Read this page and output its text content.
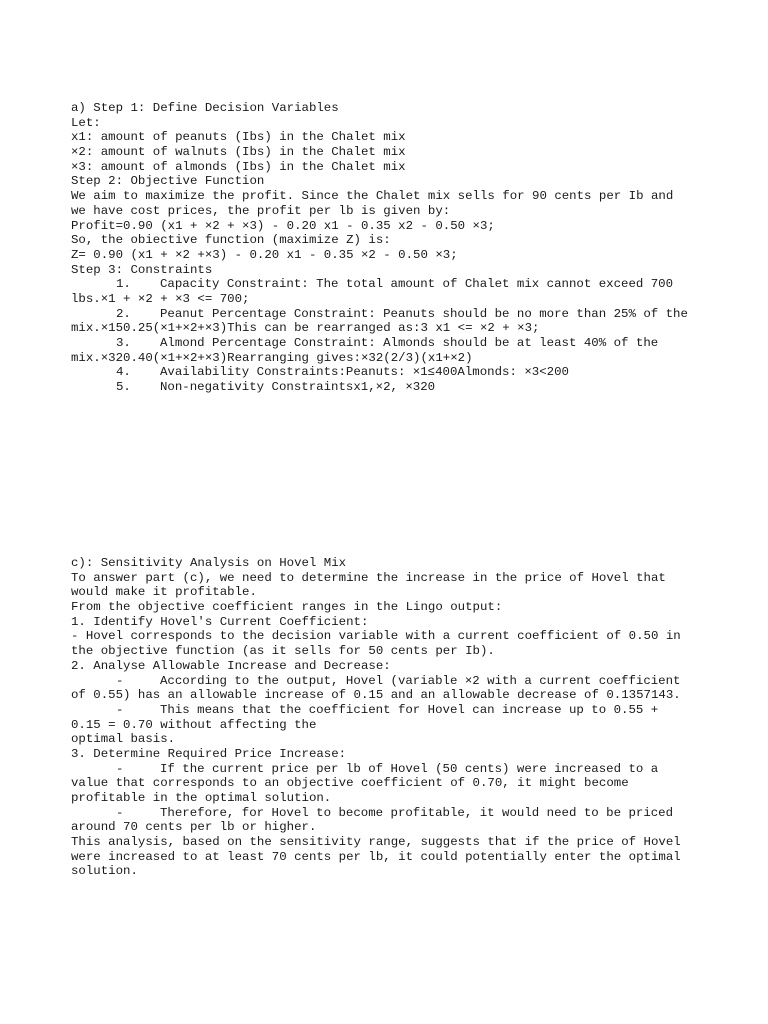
a) Step 1: Define Decision Variables
Let:
x1: amount of peanuts (Ibs) in the Chalet mix
×2: amount of walnuts (Ibs) in the Chalet mix
×3: amount of almonds (Ibs) in the Chalet mix
Step 2: Objective Function
We aim to maximize the profit. Since the Chalet mix sells for 90 cents per Ib and
we have cost prices, the profit per lb is given by:
Profit=0.90 (x1 + ×2 + ×3) - 0.20 x1 - 0.35 x2 - 0.50 ×3;
So, the obiective function (maximize Z) is:
Z= 0.90 (x1 + ×2 +×3) - 0.20 x1 - 0.35 ×2 - 0.50 ×3;
Step 3: Constraints
1. Capacity Constraint: The total amount of Chalet mix cannot exceed 700
lbs.×1 + ×2 + ×3 <= 700;
2. Peanut Percentage Constraint: Peanuts should be no more than 25% of the
mix.×150.25(×1+×2+×3)This can be rearranged as:3 x1 <= ×2 + ×3;
3. Almond Percentage Constraint: Almonds should be at least 40% of the
mix.×320.40(×1+×2+×3)Rearranging gives:×32(2/3)(x1+×2)
4. Availability Constraints:Peanuts: ×1≤400Almonds: ×3<200
5. Non-negativity Constraintsx1,×2, ×320
c): Sensitivity Analysis on Hovel Mix
To answer part (c), we need to determine the increase in the price of Hovel that
would make it profitable.
From the objective coefficient ranges in the Lingo output:
1. Identify Hovel's Current Coefficient:
- Hovel corresponds to the decision variable with a current coefficient of 0.50 in
the objective function (as it sells for 50 cents per Ib).
2. Analyse Allowable Increase and Decrease:
-	According to the output, Hovel (variable ×2 with a current coefficient
of 0.55) has an allowable increase of 0.15 and an allowable decrease of 0.1357143.
-	This means that the coefficient for Hovel can increase up to 0.55 +
0.15 = 0.70 without affecting the
optimal basis.
3. Determine Required Price Increase:
-	If the current price per lb of Hovel (50 cents) were increased to a
value that corresponds to an objective coefficient of 0.70, it might become
profitable in the optimal solution.
-	Therefore, for Hovel to become profitable, it would need to be priced
around 70 cents per lb or higher.
This analysis, based on the sensitivity range, suggests that if the price of Hovel
were increased to at least 70 cents per lb, it could potentially enter the optimal
solution.
